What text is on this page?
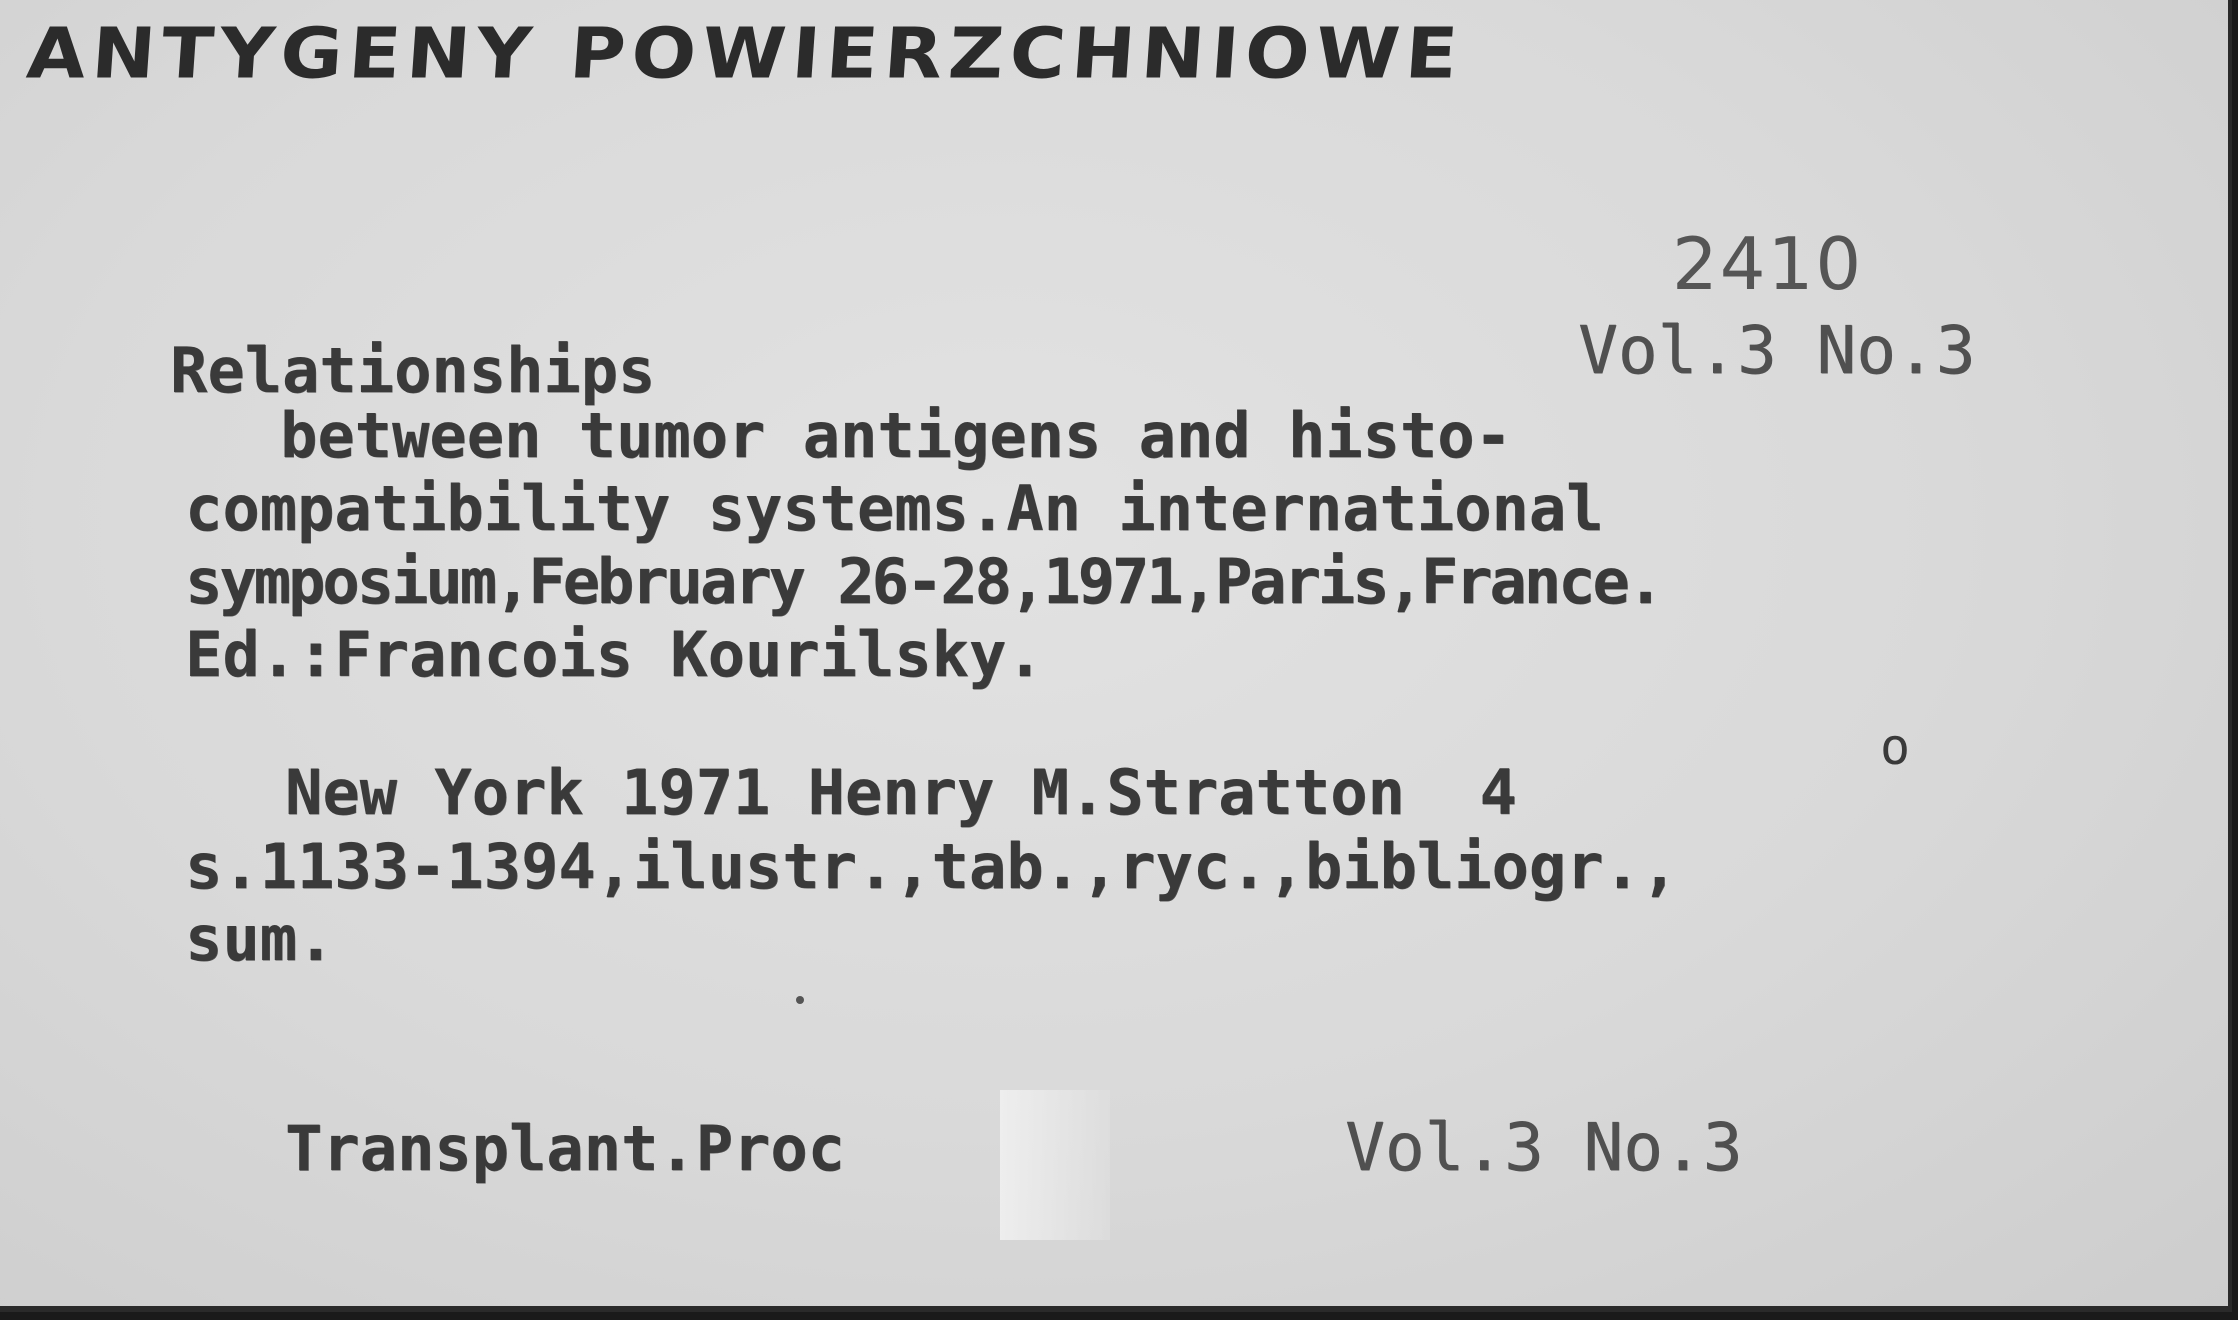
ANTYGENY POWIERZCHNIOWE
2410
Relationships	Vol.3 No.3
between tumor antigens and histo-
compatibility systems.An international
symposium,February 26-28,1971,Paris,France.
Ed.:Francois Kourilsky.
New York 1971 Henry M.Stratton  4
o
s.1133-1394,ilustr.,tab.,ryc.,bibliogr.,
sum.
Transplant.Proc	Vol.3 No.3
